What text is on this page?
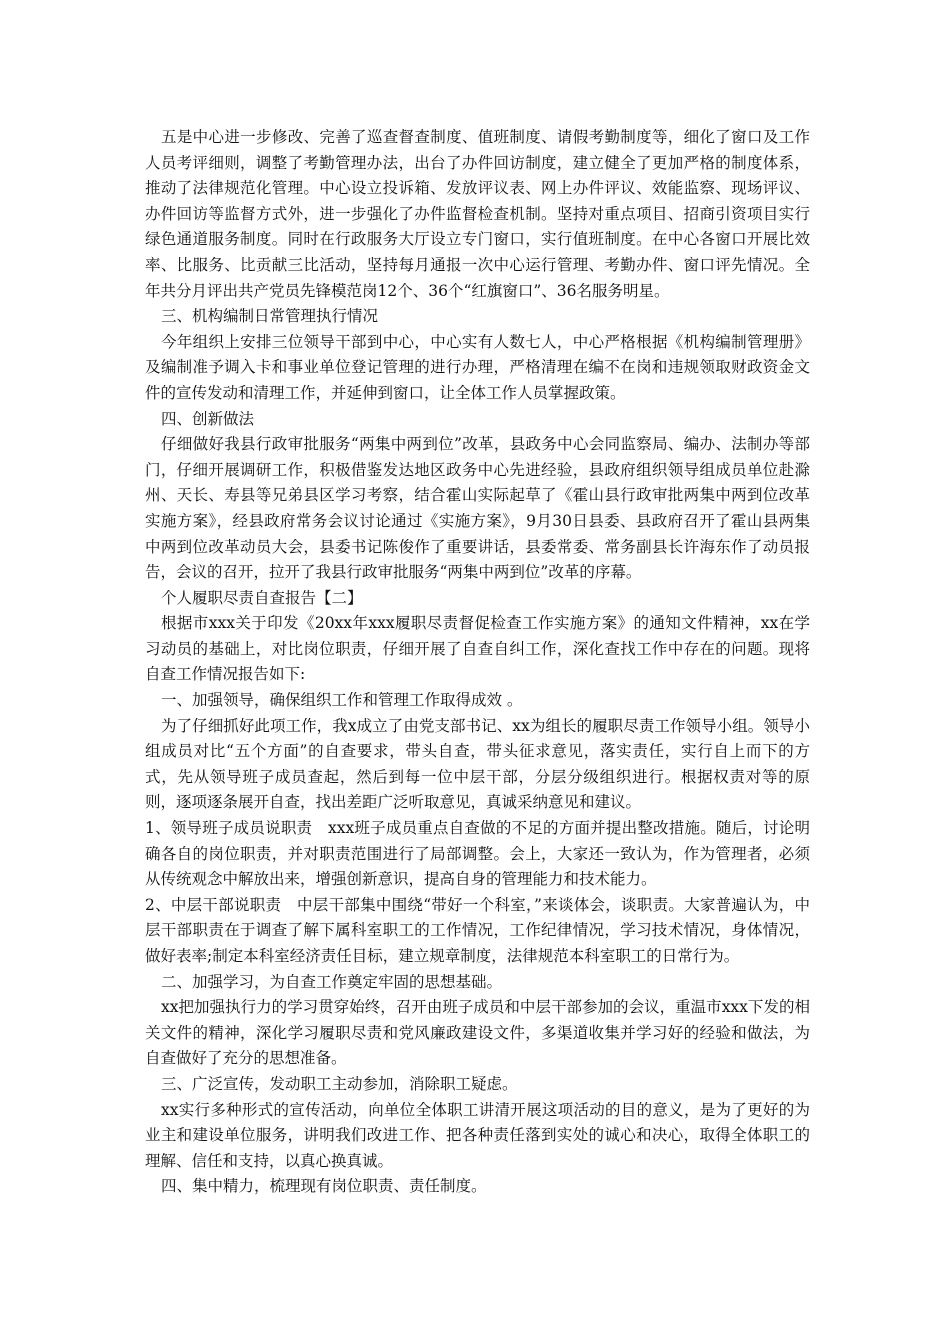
五是中心进一步修改、完善了巡查督查制度、值班制度、请假考勤制度等，细化了窗口及工作人员考评细则，调整了考勤管理办法，出台了办件回访制度，建立健全了更加严格的制度体系，推动了法律规范化管理。中心设立投诉箱、发放评议表、网上办件评议、效能监察、现场评议、办件回访等监督方式外，进一步强化了办件监督检查机制。坚持对重点项目、招商引资项目实行绿色通道服务制度。同时在行政服务大厅设立专门窗口，实行值班制度。在中心各窗口开展比效率、比服务、比贡献三比活动，坚持每月通报一次中心运行管理、考勤办件、窗口评先情况。全年共分月评出共产党员先锋模范岗12个、36个“红旗窗口”、36名服务明星。

三、机构编制日常管理执行情况

今年组织上安排三位领导干部到中心，中心实有人数七人，中心严格根据《机构编制管理册》及编制准予调入卡和事业单位登记管理的进行办理，严格清理在编不在岗和违规领取财政资金文件的宣传发动和清理工作，并延伸到窗口，让全体工作人员掌握政策。

四、创新做法

仔细做好我县行政审批服务“两集中两到位”改革，县政务中心会同监察局、编办、法制办等部门，仔细开展调研工作，积极借鉴发达地区政务中心先进经验，县政府组织领导组成员单位赴滁州、天长、寿县等兄弟县区学习考察，结合霍山实际起草了《霍山县行政审批两集中两到位改革实施方案》，经县政府常务会议讨论通过《实施方案》，9月30日县委、县政府召开了霍山县两集中两到位改革动员大会，县委书记陈俊作了重要讲话，县委常委、常务副县长许海东作了动员报告，会议的召开，拉开了我县行政审批服务“两集中两到位”改革的序幕。

个人履职尽责自查报告【二】

根据市xxx关于印发《20xx年xxx履职尽责督促检查工作实施方案》的通知文件精神，xx在学习动员的基础上，对比岗位职责，仔细开展了自查自纠工作，深化查找工作中存在的问题。现将自查工作情况报告如下:

一、加强领导，确保组织工作和管理工作取得成效 。

为了仔细抓好此项工作，我x成立了由党支部书记、xx为组长的履职尽责工作领导小组。领导小组成员对比“五个方面”的自查要求，带头自查，带头征求意见，落实责任，实行自上而下的方式，先从领导班子成员查起，然后到每一位中层干部，分层分级组织进行。根据权责对等的原则，逐项逐条展开自查，找出差距广泛听取意见，真诚采纳意见和建议。

1、领导班子成员说职责　xxx班子成员重点自查做的不足的方面并提出整改措施。随后，讨论明确各自的岗位职责，并对职责范围进行了局部调整。会上，大家还一致认为，作为管理者，必须从传统观念中解放出来，增强创新意识，提高自身的管理能力和技术能力。

2、中层干部说职责　中层干部集中围绕“带好一个科室，”来谈体会，谈职责。大家普遍认为，中层干部职责在于调查了解下属科室职工的工作情况，工作纪律情况，学习技术情况，身体情况，做好表率;制定本科室经济责任目标，建立规章制度，法律规范本科室职工的日常行为。

二、加强学习，为自查工作奠定牢固的思想基础。

xx把加强执行力的学习贯穿始终，召开由班子成员和中层干部参加的会议，重温市xxx下发的相关文件的精神，深化学习履职尽责和党风廉政建设文件，多渠道收集并学习好的经验和做法，为自查做好了充分的思想准备。

三、广泛宣传，发动职工主动参加，消除职工疑虑。

xx实行多种形式的宣传活动，向单位全体职工讲清开展这项活动的目的意义，是为了更好的为业主和建设单位服务，讲明我们改进工作、把各种责任落到实处的诚心和决心，取得全体职工的理解、信任和支持，以真心换真诚。

四、集中精力，梳理现有岗位职责、责任制度。
